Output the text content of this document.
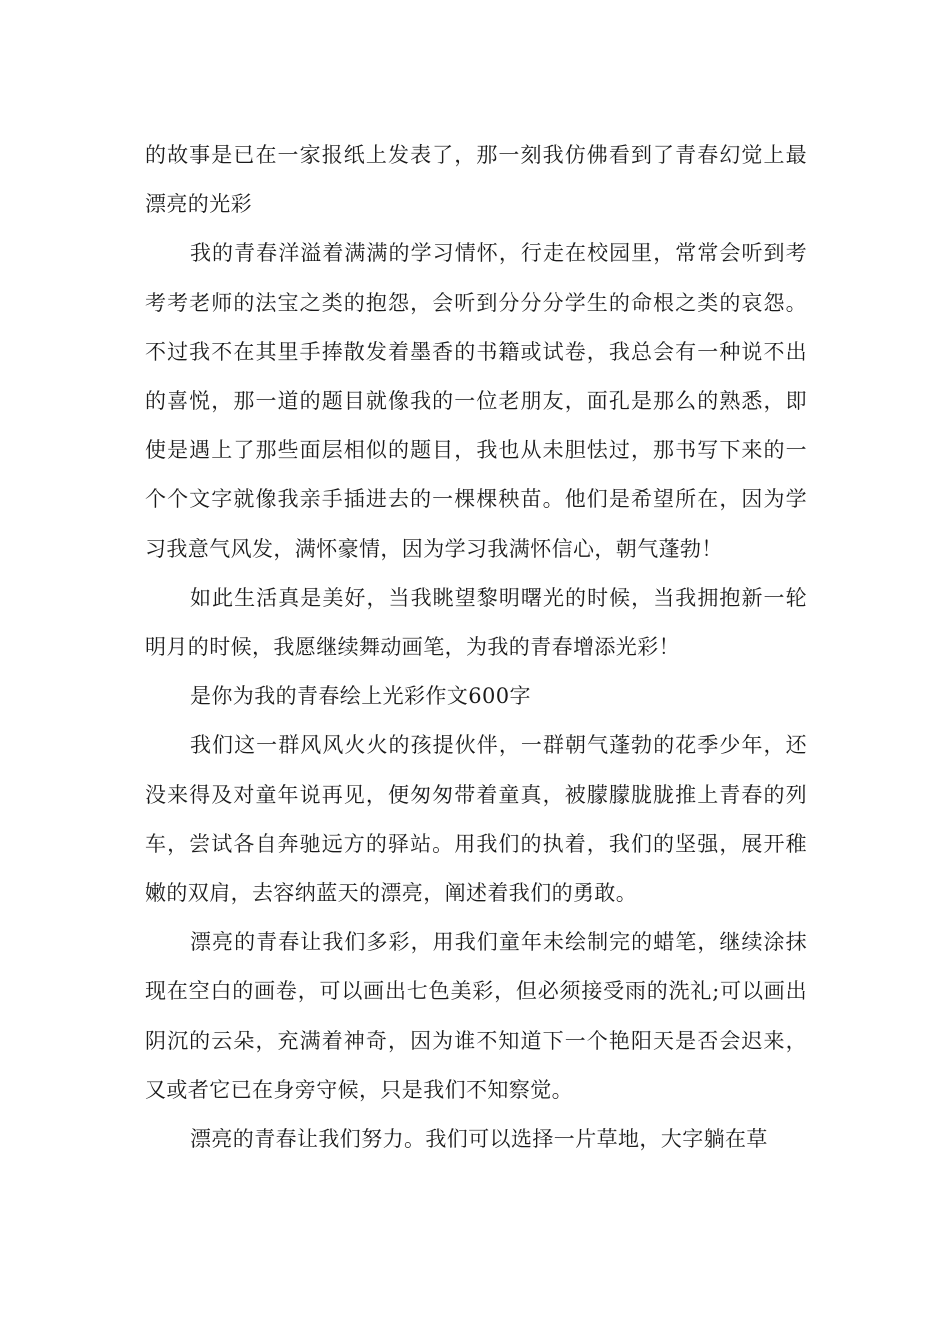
的故事是已在一家报纸上发表了，那一刻我仿佛看到了青春幻觉上最漂亮的光彩

我的青春洋溢着满满的学习情怀，行走在校园里，常常会听到考考考老师的法宝之类的抱怨，会听到分分分学生的命根之类的哀怨。不过我不在其里手捧散发着墨香的书籍或试卷，我总会有一种说不出的喜悦，那一道的题目就像我的一位老朋友，面孔是那么的熟悉，即使是遇上了那些面层相似的题目，我也从未胆怯过，那书写下来的一个个文字就像我亲手插进去的一棵棵秧苗。他们是希望所在，因为学习我意气风发，满怀豪情，因为学习我满怀信心，朝气蓬勃！

如此生活真是美好，当我眺望黎明曙光的时候，当我拥抱新一轮明月的时候，我愿继续舞动画笔，为我的青春增添光彩！

是你为我的青春绘上光彩作文600字

我们这一群风风火火的孩提伙伴，一群朝气蓬勃的花季少年，还没来得及对童年说再见，便匆匆带着童真，被朦朦胧胧推上青春的列车，尝试各自奔驰远方的驿站。用我们的执着，我们的坚强，展开稚嫩的双肩，去容纳蓝天的漂亮，阐述着我们的勇敢。

漂亮的青春让我们多彩，用我们童年未绘制完的蜡笔，继续涂抹现在空白的画卷，可以画出七色美彩，但必须接受雨的洗礼;可以画出阴沉的云朵，充满着神奇，因为谁不知道下一个艳阳天是否会迟来，又或者它已在身旁守候，只是我们不知察觉。

漂亮的青春让我们努力。我们可以选择一片草地，大字躺在草
